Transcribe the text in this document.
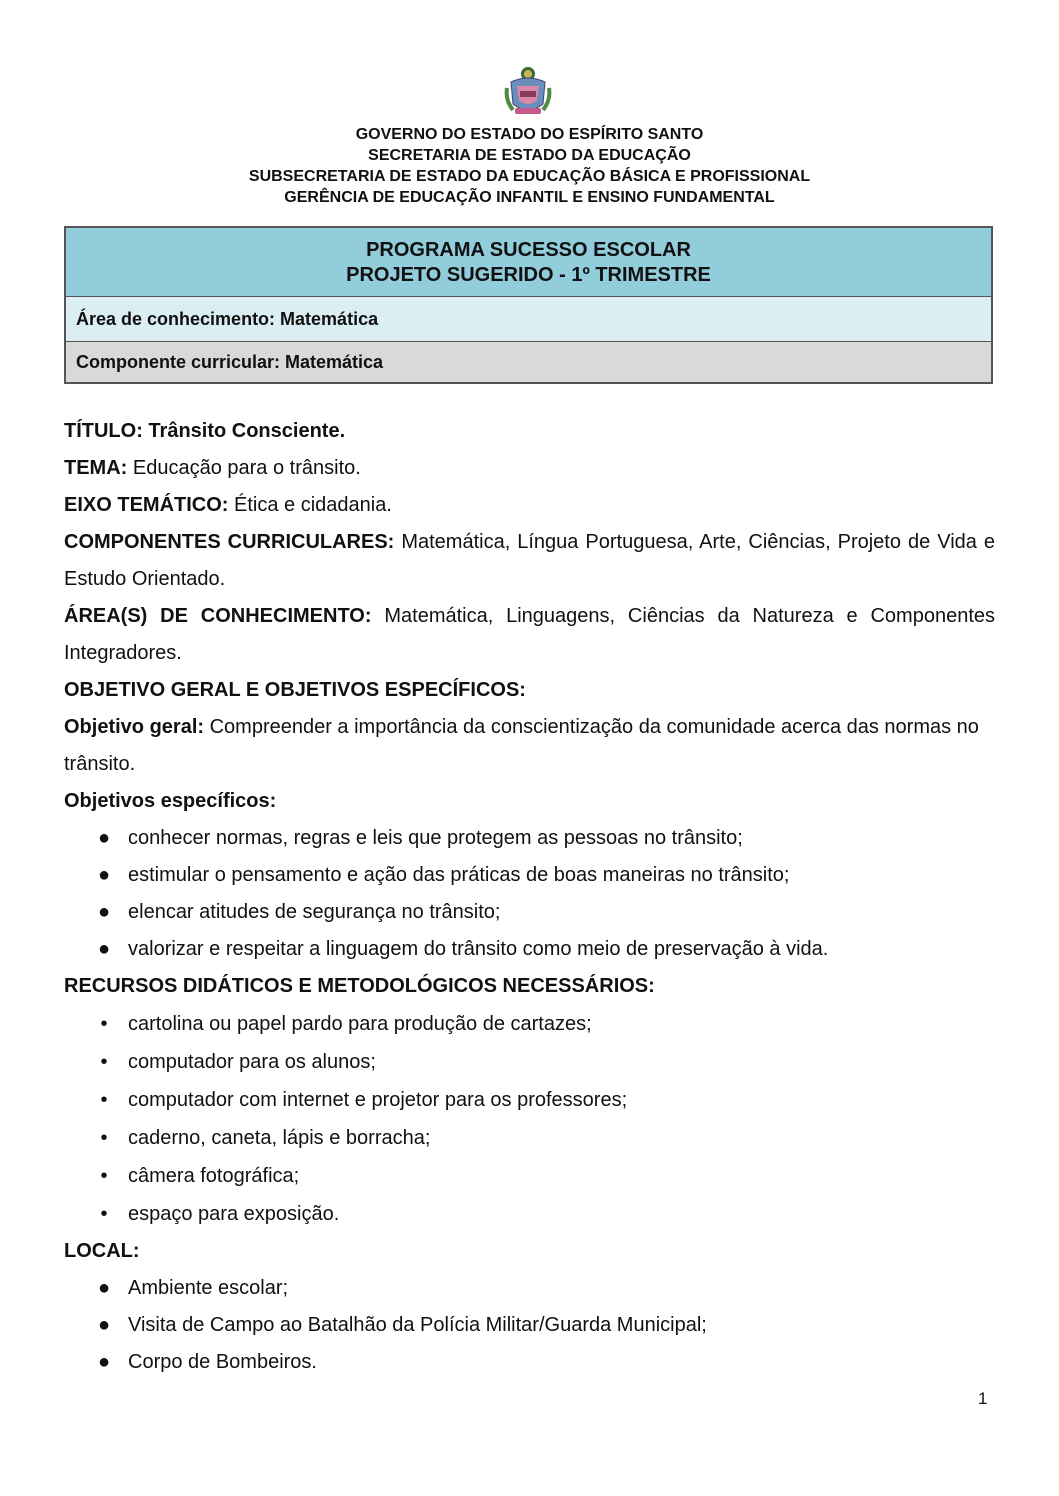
GOVERNO DO ESTADO DO ESPÍRITO SANTO
SECRETARIA DE ESTADO DA EDUCAÇÃO
SUBSECRETARIA DE ESTADO DA EDUCAÇÃO BÁSICA E PROFISSIONAL
GERÊNCIA DE EDUCAÇÃO INFANTIL E ENSINO FUNDAMENTAL
PROGRAMA SUCESSO ESCOLAR
PROJETO SUGERIDO - 1º TRIMESTRE
Área de conhecimento: Matemática
Componente curricular: Matemática

TÍTULO: Trânsito Consciente.

TEMA: Educação para o trânsito.

EIXO TEMÁTICO: Ética e cidadania.

COMPONENTES CURRICULARES: Matemática, Língua Portuguesa, Arte, Ciências, Projeto de Vida e Estudo Orientado.

ÁREA(S) DE CONHECIMENTO: Matemática, Linguagens, Ciências da Natureza e Componentes Integradores.

OBJETIVO GERAL E OBJETIVOS ESPECÍFICOS:

Objetivo geral: Compreender a importância da conscientização da comunidade acerca das normas no trânsito.

Objetivos específicos:

● conhecer normas, regras e leis que protegem as pessoas no trânsito;
● estimular o pensamento e ação das práticas de boas maneiras no trânsito;
● elencar atitudes de segurança no trânsito;
● valorizar e respeitar a linguagem do trânsito como meio de preservação à vida.

RECURSOS DIDÁTICOS E METODOLÓGICOS NECESSÁRIOS:

• cartolina ou papel pardo para produção de cartazes;
• computador para os alunos;
• computador com internet e projetor para os professores;
• caderno, caneta, lápis e borracha;
• câmera fotográfica;
• espaço para exposição.

LOCAL:

● Ambiente escolar;
● Visita de Campo ao Batalhão da Polícia Militar/Guarda Municipal;
● Corpo de Bombeiros.
1
